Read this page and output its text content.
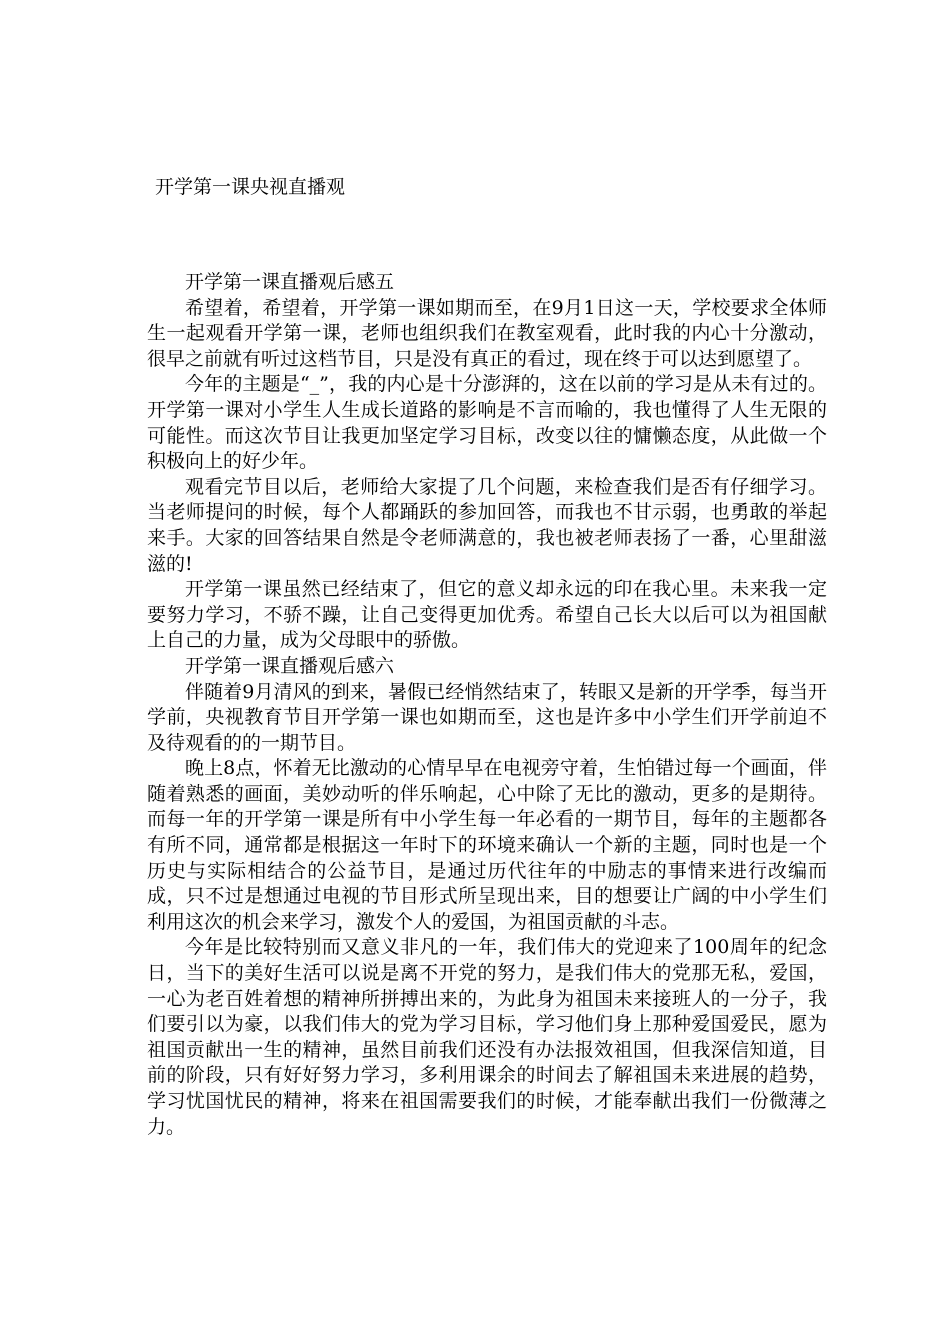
开学第一课央视直播观

开学第一课直播观后感五

希望着，希望着，开学第一课如期而至，在9月1日这一天，学校要求全体师生一起观看开学第一课，老师也组织我们在教室观看，此时我的内心十分激动，很早之前就有听过这档节目，只是没有真正的看过，现在终于可以达到愿望了。

今年的主题是“_”，我的内心是十分澎湃的，这在以前的学习是从未有过的。开学第一课对小学生人生成长道路的影响是不言而喻的，我也懂得了人生无限的可能性。而这次节目让我更加坚定学习目标，改变以往的慵懒态度，从此做一个积极向上的好少年。

观看完节目以后，老师给大家提了几个问题，来检查我们是否有仔细学习。当老师提问的时候，每个人都踊跃的参加回答，而我也不甘示弱，也勇敢的举起来手。大家的回答结果自然是令老师满意的，我也被老师表扬了一番，心里甜滋滋的!

开学第一课虽然已经结束了，但它的意义却永远的印在我心里。未来我一定要努力学习，不骄不躁，让自己变得更加优秀。希望自己长大以后可以为祖国献上自己的力量，成为父母眼中的骄傲。

开学第一课直播观后感六

伴随着9月清风的到来，暑假已经悄然结束了，转眼又是新的开学季，每当开学前，央视教育节目开学第一课也如期而至，这也是许多中小学生们开学前迫不及待观看的的一期节目。

晚上8点，怀着无比激动的心情早早在电视旁守着，生怕错过每一个画面，伴随着熟悉的画面，美妙动听的伴乐响起，心中除了无比的激动，更多的是期待。而每一年的开学第一课是所有中小学生每一年必看的一期节目，每年的主题都各有所不同，通常都是根据这一年时下的环境来确认一个新的主题，同时也是一个历史与实际相结合的公益节目，是通过历代往年的中励志的事情来进行改编而成，只不过是想通过电视的节目形式所呈现出来，目的想要让广阔的中小学生们利用这次的机会来学习，激发个人的爱国，为祖国贡献的斗志。

今年是比较特别而又意义非凡的一年，我们伟大的党迎来了100周年的纪念日，当下的美好生活可以说是离不开党的努力，是我们伟大的党那无私，爱国，一心为老百姓着想的精神所拼搏出来的，为此身为祖国未来接班人的一分子，我们要引以为豪，以我们伟大的党为学习目标，学习他们身上那种爱国爱民，愿为祖国贡献出一生的精神，虽然目前我们还没有办法报效祖国，但我深信知道，目前的阶段，只有好好努力学习，多利用课余的时间去了解祖国未来进展的趋势，学习忧国忧民的精神，将来在祖国需要我们的时候，才能奉献出我们一份微薄之力。
